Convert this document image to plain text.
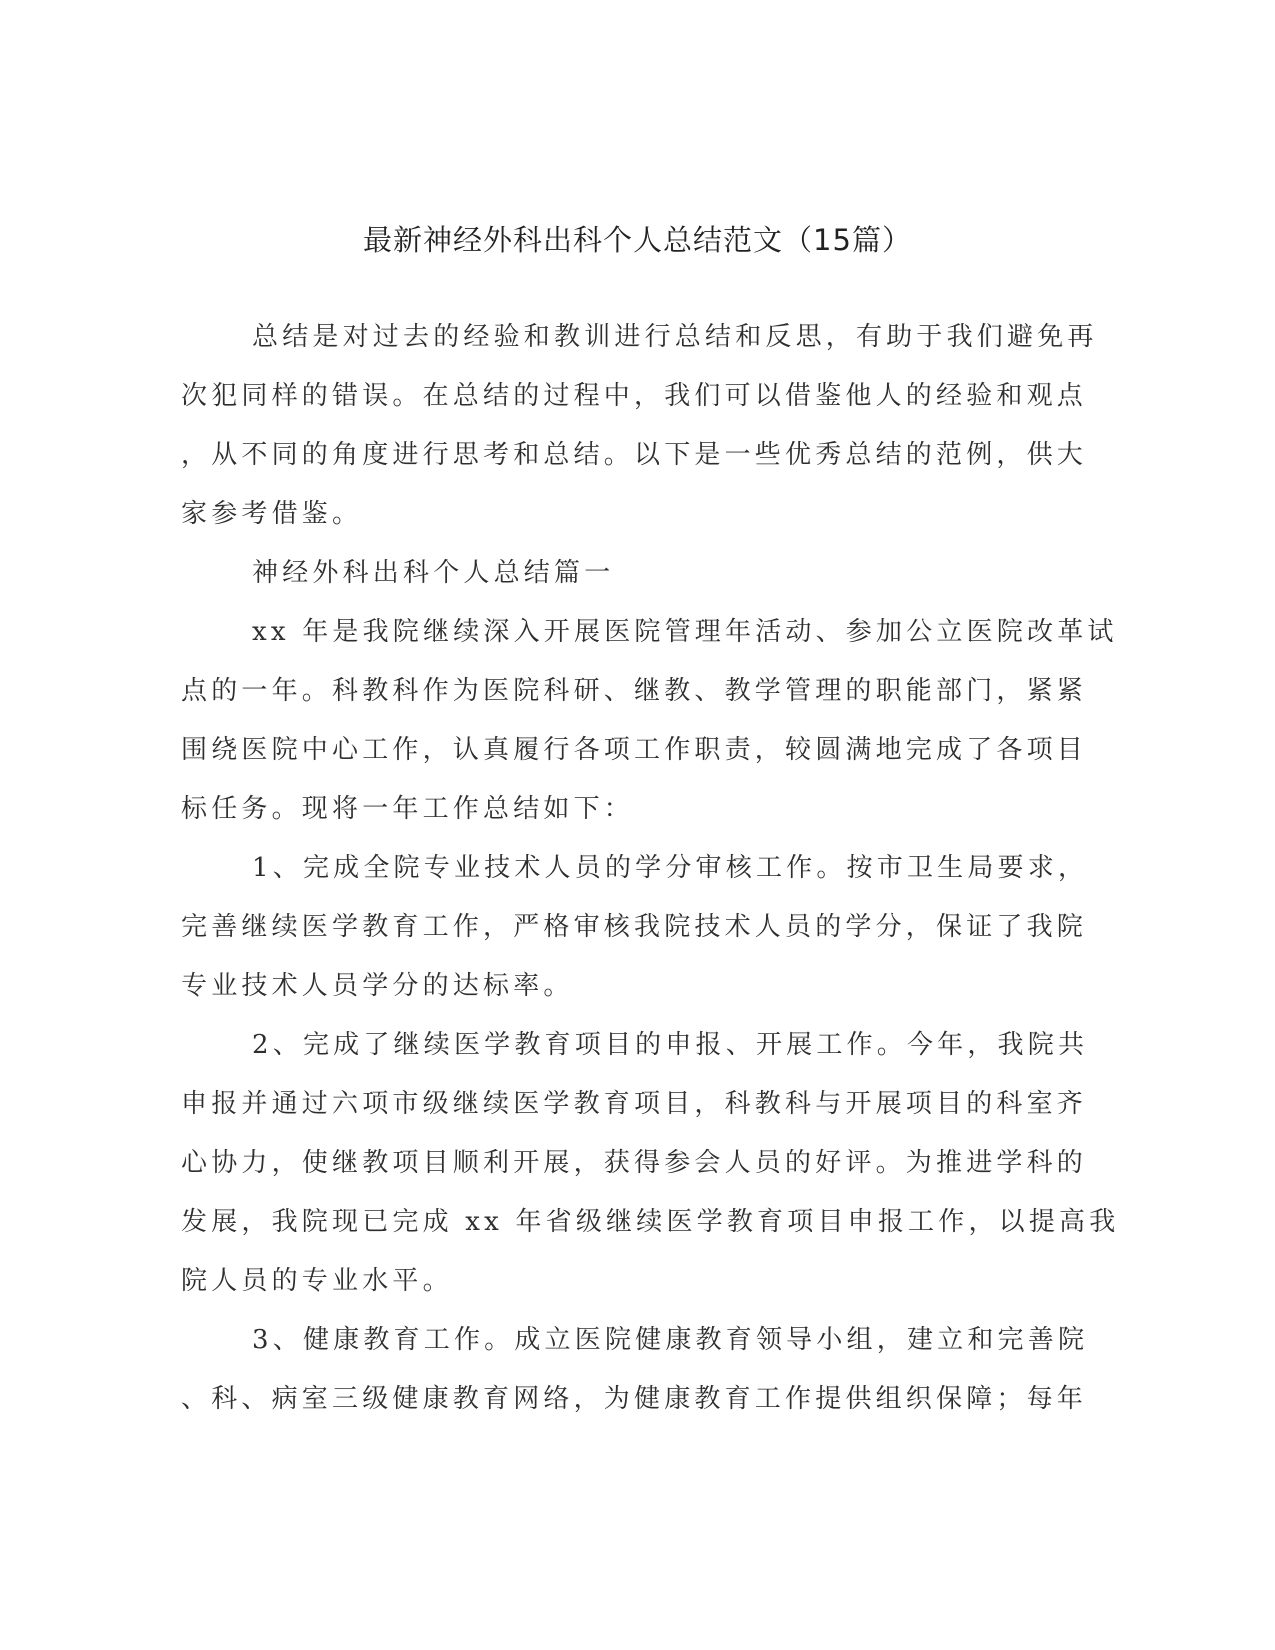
最新神经外科出科个人总结范文（15篇）
总结是对过去的经验和教训进行总结和反思，有助于我们避免再
次犯同样的错误。在总结的过程中，我们可以借鉴他人的经验和观点
，从不同的角度进行思考和总结。以下是一些优秀总结的范例，供大
家参考借鉴。
神经外科出科个人总结篇一
xx 年是我院继续深入开展医院管理年活动、参加公立医院改革试
点的一年。科教科作为医院科研、继教、教学管理的职能部门，紧紧
围绕医院中心工作，认真履行各项工作职责，较圆满地完成了各项目
标任务。现将一年工作总结如下：
1、完成全院专业技术人员的学分审核工作。按市卫生局要求，
完善继续医学教育工作，严格审核我院技术人员的学分，保证了我院
专业技术人员学分的达标率。
2、完成了继续医学教育项目的申报、开展工作。今年，我院共
申报并通过六项市级继续医学教育项目，科教科与开展项目的科室齐
心协力，使继教项目顺利开展，获得参会人员的好评。为推进学科的
发展，我院现已完成 xx 年省级继续医学教育项目申报工作，以提高我
院人员的专业水平。
3、健康教育工作。成立医院健康教育领导小组，建立和完善院
、科、病室三级健康教育网络，为健康教育工作提供组织保障；每年
